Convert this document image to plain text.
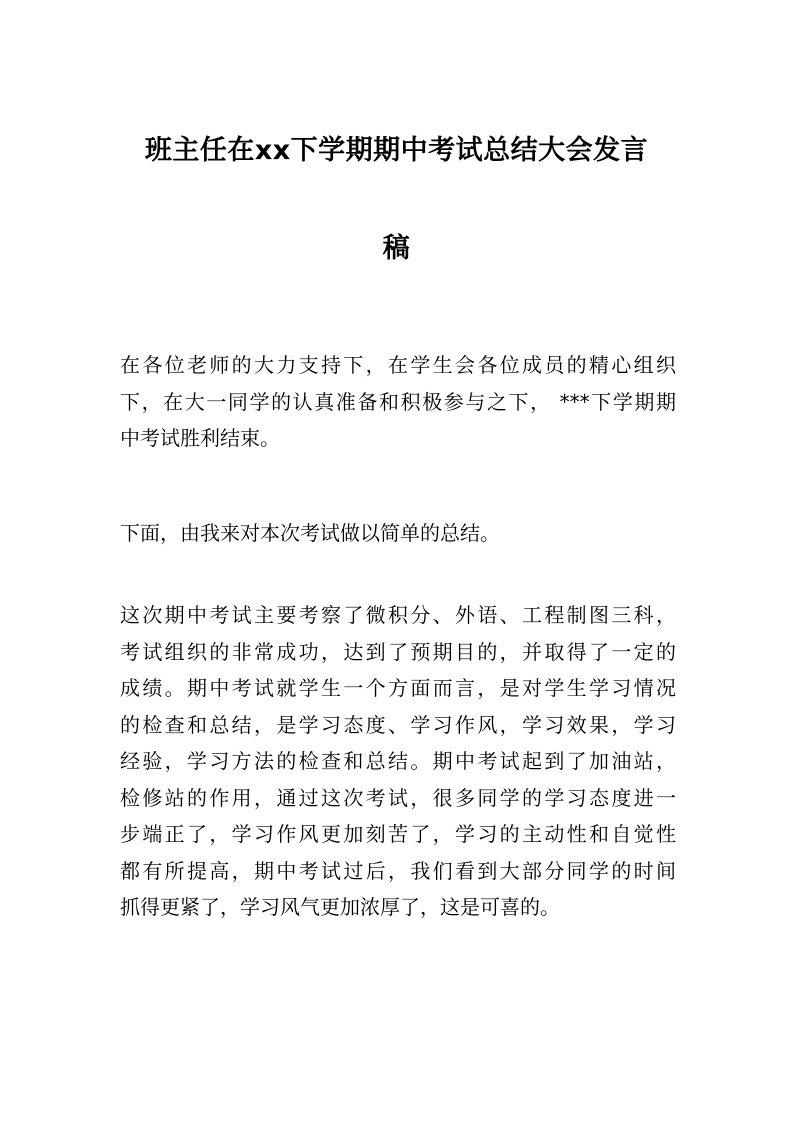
班主任在xx下学期期中考试总结大会发言
稿

在各位老师的大力支持下，在学生会各位成员的精心组织
下，在大一同学的认真准备和积极参与之下， ***下学期期
中考试胜利结束。

下面，由我来对本次考试做以简单的总结。

这次期中考试主要考察了微积分、外语、工程制图三科，
考试组织的非常成功，达到了预期目的，并取得了一定的
成绩。期中考试就学生一个方面而言，是对学生学习情况
的检查和总结，是学习态度、学习作风，学习效果，学习
经验，学习方法的检查和总结。期中考试起到了加油站，
检修站的作用，通过这次考试，很多同学的学习态度进一
步端正了，学习作风更加刻苦了，学习的主动性和自觉性
都有所提高，期中考试过后，我们看到大部分同学的时间
抓得更紧了，学习风气更加浓厚了，这是可喜的。
